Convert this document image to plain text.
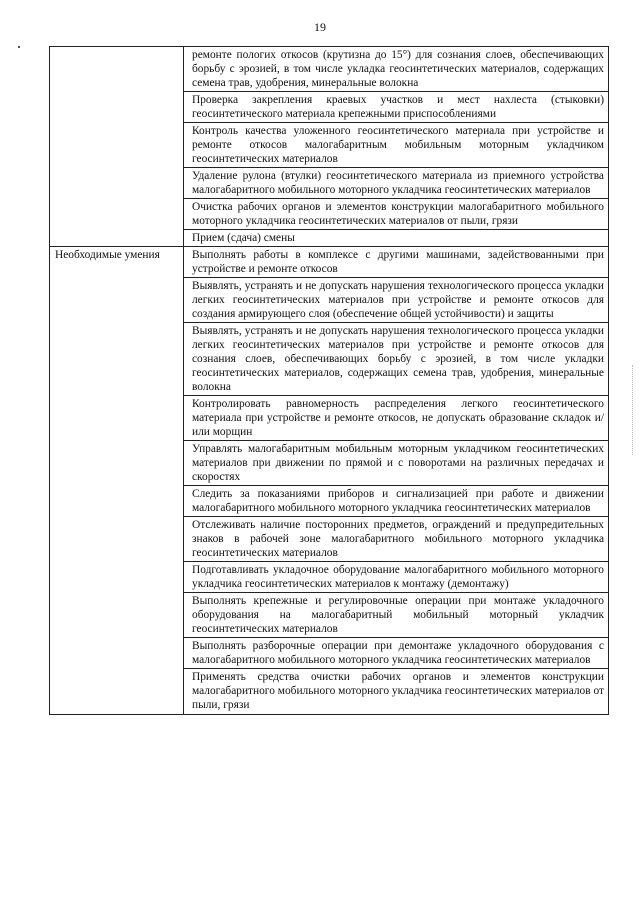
19
	ремонте пологих откосов (крутизна до 15°) для сознания слоев, обеспечивающих борьбу с эрозией, в том числе укладка геосинтетических материалов, содержащих семена трав, удобрения, минеральные волокна
	Проверка закрепления краевых участков и мест нахлеста (стыковки) геосинтетического материала крепежными приспособлениями
	Контроль качества уложенного геосинтетического материала при устройстве и ремонте откосов малогабаритным мобильным моторным укладчиком геосинтетических материалов
	Удаление рулона (втулки) геосинтетического материала из приемного устройства малогабаритного мобильного моторного укладчика геосинтетических материалов
	Очистка рабочих органов и элементов конструкции малогабаритного мобильного моторного укладчика геосинтетических материалов от пыли, грязи
	Прием (сдача) смены
Необходимые умения	Выполнять работы в комплексе с другими машинами, задействованными при устройстве и ремонте откосов
	Выявлять, устранять и не допускать нарушения технологического процесса укладки легких геосинтетических материалов при устройстве и ремонте откосов для создания армирующего слоя (обеспечение общей устойчивости) и защиты
	Выявлять, устранять и не допускать нарушения технологического процесса укладки легких геосинтетических материалов при устройстве и ремонте откосов для сознания слоев, обеспечивающих борьбу с эрозией, в том числе укладки геосинтетических материалов, содержащих семена трав, удобрения, минеральные волокна
	Контролировать равномерность распределения легкого геосинтетического материала при устройстве и ремонте откосов, не допускать образование складок и/или морщин
	Управлять малогабаритным мобильным моторным укладчиком геосинтетических материалов при движении по прямой и с поворотами на различных передачах и скоростях
	Следить за показаниями приборов и сигнализацией при работе и движении малогабаритного мобильного моторного укладчика геосинтетических материалов
	Отслеживать наличие посторонних предметов, ограждений и предупредительных знаков в рабочей зоне малогабаритного мобильного моторного укладчика геосинтетических материалов
	Подготавливать укладочное оборудование малогабаритного мобильного моторного укладчика геосинтетических материалов к монтажу (демонтажу)
	Выполнять крепежные и регулировочные операции при монтаже укладочного оборудования на малогабаритный мобильный моторный укладчик геосинтетических материалов
	Выполнять разборочные операции при демонтаже укладочного оборудования с малогабаритного мобильного моторного укладчика геосинтетических материалов
	Применять средства очистки рабочих органов и элементов конструкции малогабаритного мобильного моторного укладчика геосинтетических материалов от пыли, грязи
